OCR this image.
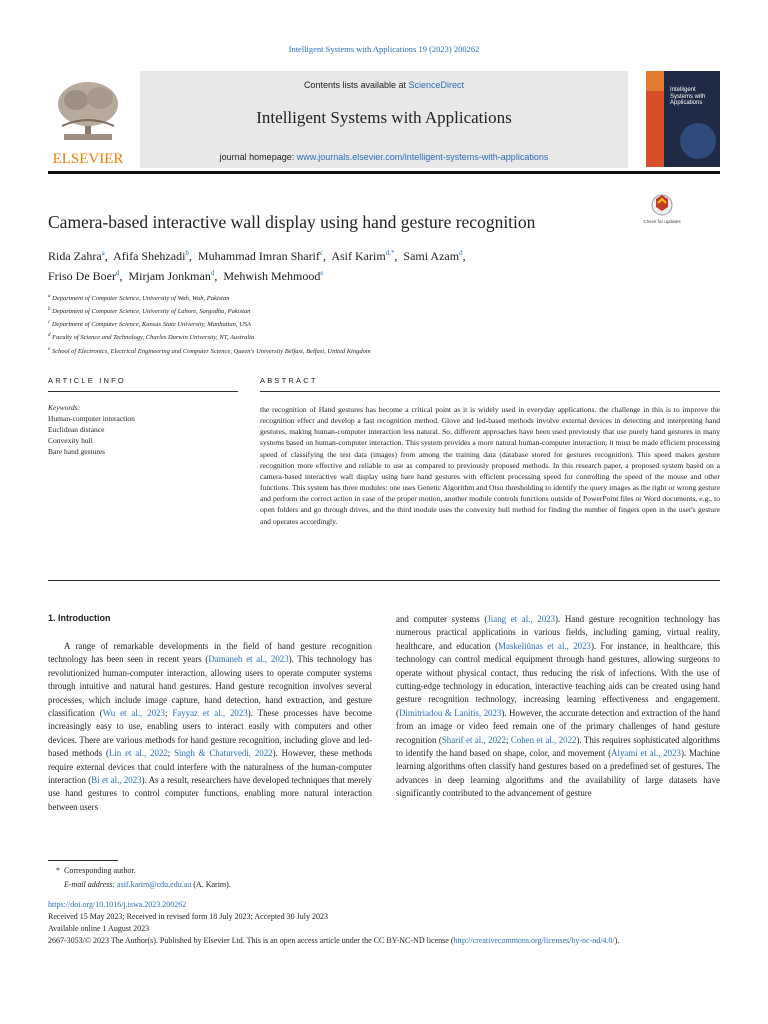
Intelligent Systems with Applications 19 (2023) 200262
ELSEVIER
Contents lists available at ScienceDirect
Intelligent Systems with Applications
journal homepage: www.journals.elsevier.com/intelligent-systems-with-applications
Intelligent Systems with Applications
Camera-based interactive wall display using hand gesture recognition	Check for updates
Rida Zahra$^a$,  Afifa Shehzadi$^b$,  Muhammad Imran Sharif$^c$,  Asif Karim$^{d,*}$,  Sami Azam$^d$,
Friso De Boer$^d$,  Mirjam Jonkman$^d$,  Mehwish Mehmood$^e$
$^a$ Department of Computer Science, University of Wah, Wah, Pakistan
$^b$ Department of Computer Science, University of Lahore, Sargodha, Pakistan
$^c$ Department of Computer Science, Kansas State University, Manhattan, USA
$^d$ Faculty of Science and Technology, Charles Darwin University, NT, Australia
$^e$ School of Electronics, Electrical Engineering and Computer Science, Queen's University Belfast, Belfast, United Kingdom
ARTICLE INFO	ABSTRACT
Keywords:
Human-computer interaction
Euclidean distance
Convexity hull
Bare hand gestures
the recognition of Hand gestures has become a critical point as it is widely used in everyday applications. the challenge in this is to improve the recognition effect and develop a fast recognition method. Glove and led-based methods involve external devices in detecting and interpreting hand gestures, making human-computer interaction less natural. So, different approaches have been used previously that use purely hand gestures in many systems based on human-computer interaction. This system provides a more natural human-computer interaction; it must be made efficient processing speed of classifying the test data (images) from among the training data (database stored for gestures recognition). This speed makes gesture recognition more effective and reliable to use as compared to previously proposed methods. In this research paper, a proposed system based on a camera-based interactive wall display using bare hand gestures with efficient processing speed for controlling the speed of the mouse and other functions. This system has three modules: one uses Genetic Algorithm and Otsu thresholding to identify the query images as the right or wrong gesture and perform the correct action in case of the proper motion, another module controls functions outside of PowerPoint files or Word documents, e.g., to open folders and go through drives, and the third module uses the convexity hull method for finding the number of fingers open in the user's gesture and operates accordingly.
1. Introduction
A range of remarkable developments in the field of hand gesture recognition technology has been seen in recent years (Damaneh et al., 2023). This technology has revolutionized human-computer interaction, allowing users to operate computer systems through intuitive and natural hand gestures. Hand gesture recognition involves several processes, which include image capture, hand detection, hand extraction, and gesture classification (Wu et al., 2023; Fayyaz et al., 2023). These processes have become increasingly easy to use, enabling users to interact easily with computers and other devices. There are various methods for hand gesture recognition, including glove and led-based methods (Lin et al., 2022; Singh & Chaturvedi, 2022). However, these methods require external devices that could interfere with the naturalness of the human-computer interaction (Bi et al., 2023). As a result, researchers have developed techniques that merely use hand gestures to control computer functions, enabling more natural interaction between users
and computer systems (Jiang et al., 2023). Hand gesture recognition technology has numerous practical applications in various fields, including gaming, virtual reality, healthcare, and education (Maskeliūnas et al., 2023). For instance, in healthcare, this technology can control medical equipment through hand gestures, allowing surgeons to operate without physical contact, thus reducing the risk of infections. With the use of cutting-edge technology in education, interactive teaching aids can be created using hand gesture recognition technology, increasing learning effectiveness and engagement. (Dimitriadou & Lanitis, 2023). However, the accurate detection and extraction of the hand from an image or video feed remain one of the primary challenges of hand gesture recognition (Sharif et al., 2022; Cohen et al., 2022). This requires sophisticated algorithms to identify the hand based on shape, color, and movement (Alyami et al., 2023). Machine learning algorithms often classify hand gestures based on a predefined set of gestures. The advances in deep learning algorithms and the availability of large datasets have significantly contributed to the advancement of gesture
* Corresponding author.
E-mail address: asif.karim@cdu.edu.au (A. Karim).
https://doi.org/10.1016/j.iswa.2023.200262
Received 15 May 2023; Received in revised form 18 July 2023; Accepted 30 July 2023
Available online 1 August 2023
2667-3053/© 2023 The Author(s). Published by Elsevier Ltd. This is an open access article under the CC BY-NC-ND license (http://creativecommons.org/licenses/by-nc-nd/4.0/).
